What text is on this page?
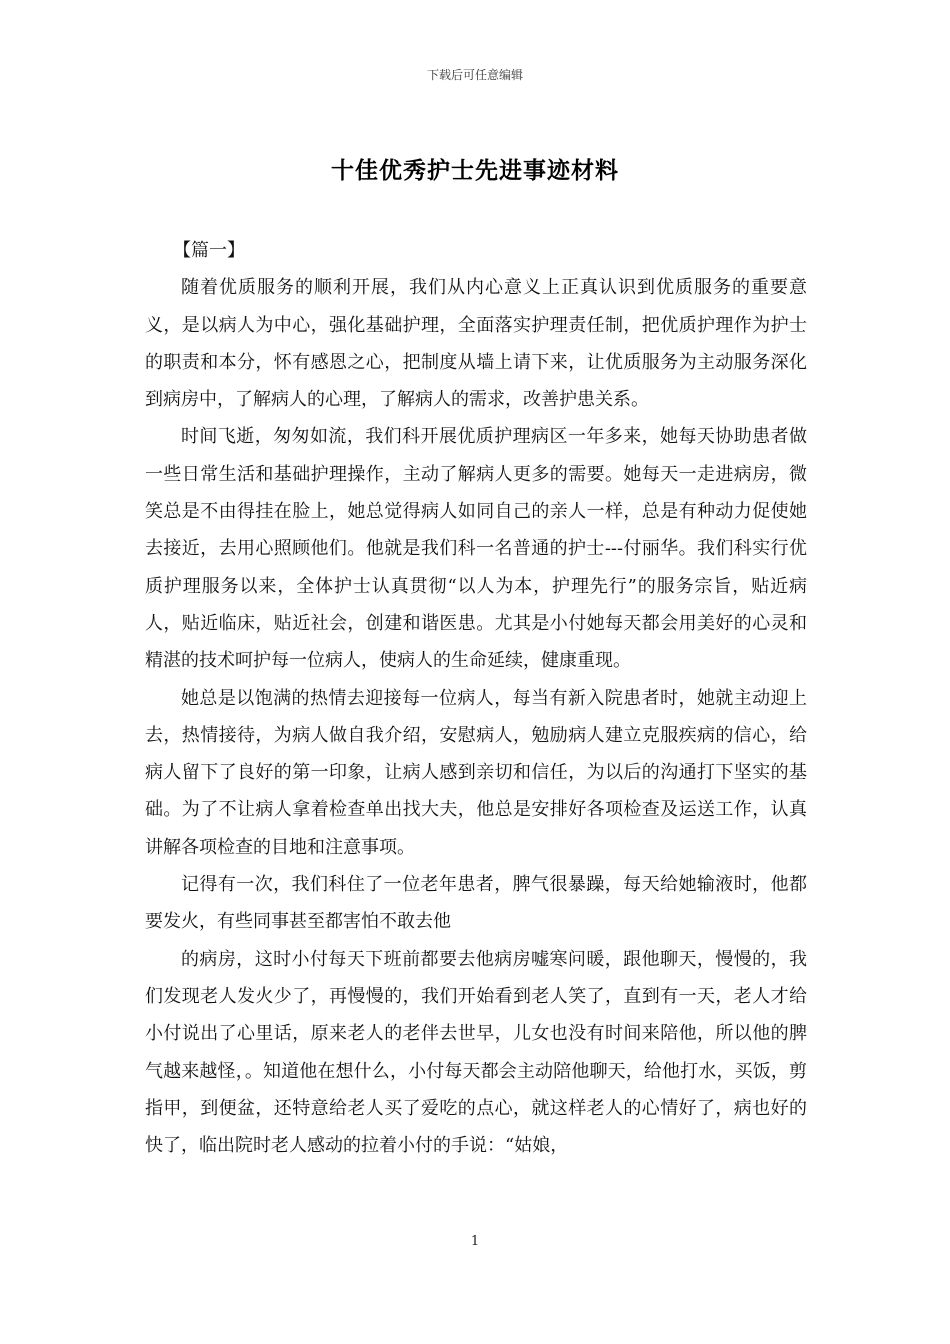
下载后可任意编辑
十佳优秀护士先进事迹材料
【篇一】

随着优质服务的顺利开展，我们从内心意义上正真认识到优质服务的重要意义，是以病人为中心，强化基础护理，全面落实护理责任制，把优质护理作为护士的职责和本分，怀有感恩之心，把制度从墙上请下来，让优质服务为主动服务深化到病房中，了解病人的心理，了解病人的需求，改善护患关系。

时间飞逝，匆匆如流，我们科开展优质护理病区一年多来，她每天协助患者做一些日常生活和基础护理操作，主动了解病人更多的需要。她每天一走进病房，微笑总是不由得挂在脸上，她总觉得病人如同自己的亲人一样，总是有种动力促使她去接近，去用心照顾他们。他就是我们科一名普通的护士---付丽华。我们科实行优质护理服务以来，全体护士认真贯彻“以人为本，护理先行”的服务宗旨，贴近病人，贴近临床，贴近社会，创建和谐医患。尤其是小付她每天都会用美好的心灵和精湛的技术呵护每一位病人，使病人的生命延续，健康重现。

她总是以饱满的热情去迎接每一位病人，每当有新入院患者时，她就主动迎上去，热情接待，为病人做自我介绍，安慰病人，勉励病人建立克服疾病的信心，给病人留下了良好的第一印象，让病人感到亲切和信任，为以后的沟通打下坚实的基础。为了不让病人拿着检查单出找大夫，他总是安排好各项检查及运送工作，认真讲解各项检查的目地和注意事项。

记得有一次，我们科住了一位老年患者，脾气很暴躁，每天给她输液时，他都要发火，有些同事甚至都害怕不敢去他

的病房，这时小付每天下班前都要去他病房嘘寒问暖，跟他聊天，慢慢的，我们发现老人发火少了，再慢慢的，我们开始看到老人笑了，直到有一天，老人才给小付说出了心里话，原来老人的老伴去世早，儿女也没有时间来陪他，所以他的脾气越来越怪，。知道他在想什么，小付每天都会主动陪他聊天，给他打水，买饭，剪指甲，到便盆，还特意给老人买了爱吃的点心，就这样老人的心情好了，病也好的快了，临出院时老人感动的拉着小付的手说：“姑娘，

1
